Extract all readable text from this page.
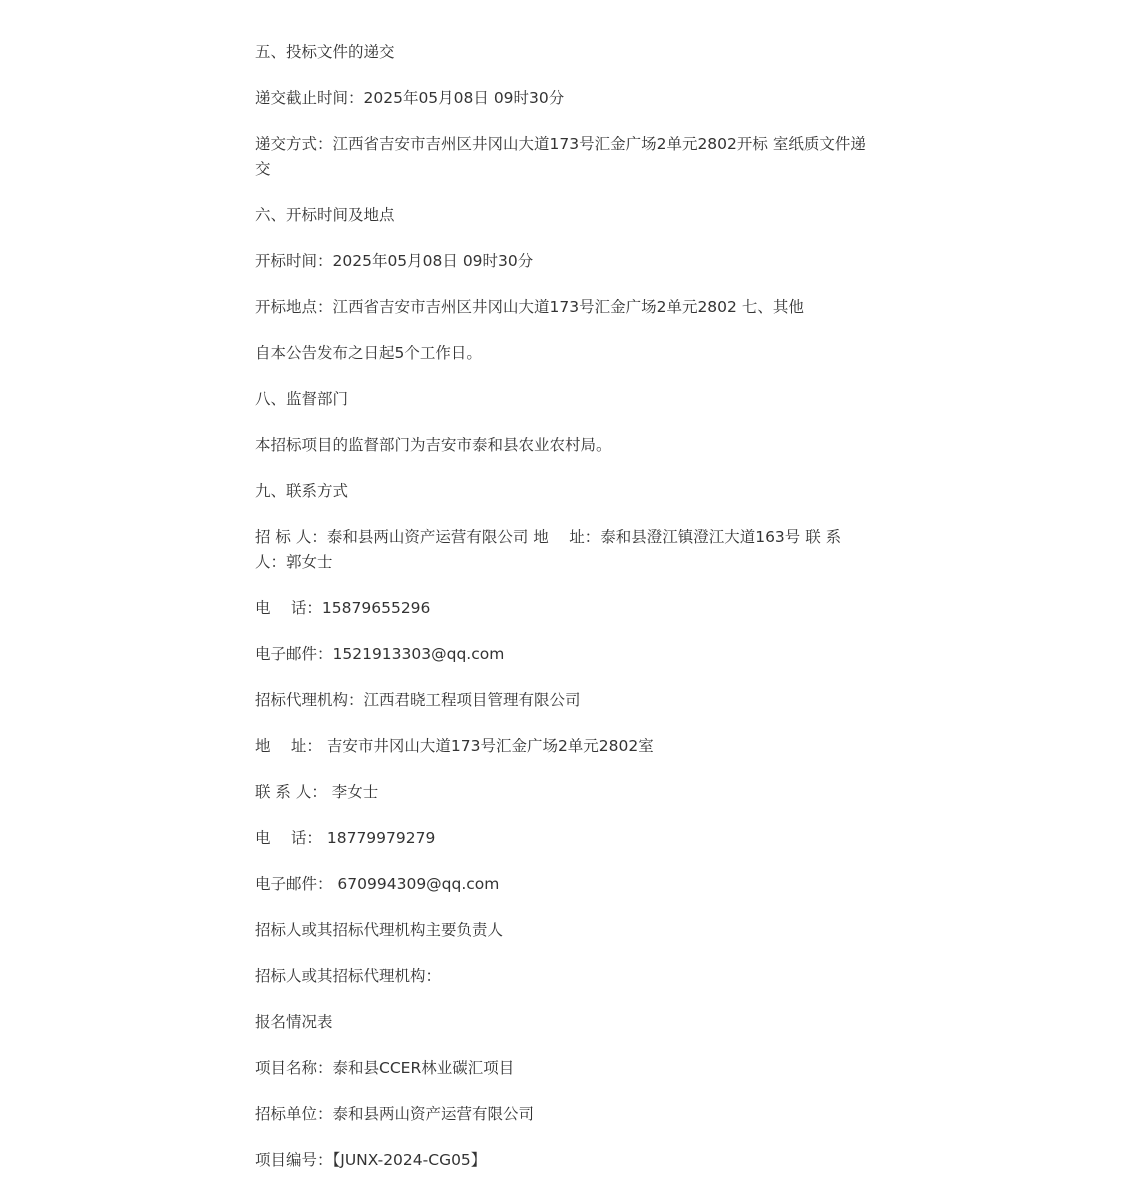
五、投标文件的递交

递交截止时间：2025年05月08日 09时30分

递交方式：江西省吉安市吉州区井冈山大道173号汇金广场2单元2802开标 室纸质文件递交

六、开标时间及地点

开标时间：2025年05月08日 09时30分

开标地点：江西省吉安市吉州区井冈山大道173号汇金广场2单元2802 七、其他

自本公告发布之日起5个工作日。

八、监督部门

本招标项目的监督部门为吉安市泰和县农业农村局。

九、联系方式

招 标 人：泰和县两山资产运营有限公司 地　 址：泰和县澄江镇澄江大道163号 联 系人：郭女士

电　 话：15879655296

电子邮件：1521913303@qq.com

招标代理机构：江西君晓工程项目管理有限公司

地　 址： 吉安市井冈山大道173号汇金广场2单元2802室

联 系 人： 李女士

电　 话： 18779979279

电子邮件： 670994309@qq.com

招标人或其招标代理机构主要负责人

招标人或其招标代理机构：

报名情况表

项目名称：泰和县CCER林业碳汇项目

招标单位：泰和县两山资产运营有限公司

项目编号：【JUNX-2024-CG05】
